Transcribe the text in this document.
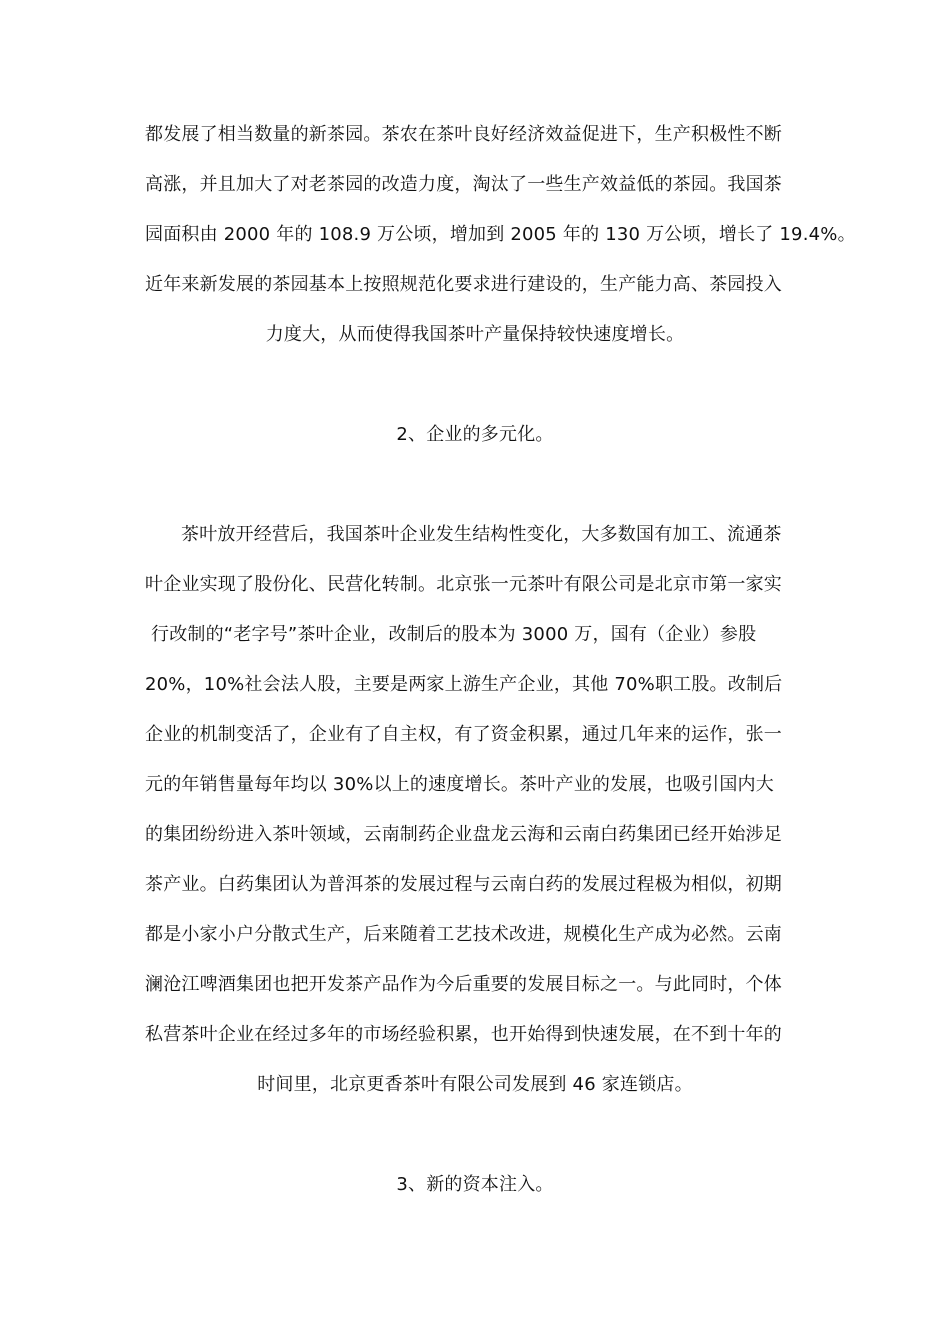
都发展了相当数量的新茶园。茶农在茶叶良好经济效益促进下，生产积极性不断
高涨，并且加大了对老茶园的改造力度，淘汰了一些生产效益低的茶园。我国茶
园面积由 2000 年的 108.9 万公顷，增加到 2005 年的 130 万公顷，增长了 19.4%。
近年来新发展的茶园基本上按照规范化要求进行建设的，生产能力高、茶园投入
力度大，从而使得我国茶叶产量保持较快速度增长。
2、企业的多元化。
茶叶放开经营后，我国茶叶企业发生结构性变化，大多数国有加工、流通茶
叶企业实现了股份化、民营化转制。北京张一元茶叶有限公司是北京市第一家实
行改制的“老字号”茶叶企业，改制后的股本为 3000 万，国有（企业）参股
20%，10%社会法人股，主要是两家上游生产企业，其他 70%职工股。改制后
企业的机制变活了，企业有了自主权，有了资金积累，通过几年来的运作，张一
元的年销售量每年均以 30%以上的速度增长。茶叶产业的发展，也吸引国内大
的集团纷纷进入茶叶领域，云南制药企业盘龙云海和云南白药集团已经开始涉足
茶产业。白药集团认为普洱茶的发展过程与云南白药的发展过程极为相似，初期
都是小家小户分散式生产，后来随着工艺技术改进，规模化生产成为必然。云南
澜沧江啤酒集团也把开发茶产品作为今后重要的发展目标之一。与此同时，个体
私营茶叶企业在经过多年的市场经验积累，也开始得到快速发展，在不到十年的
时间里，北京更香茶叶有限公司发展到 46 家连锁店。
3、新的资本注入。
